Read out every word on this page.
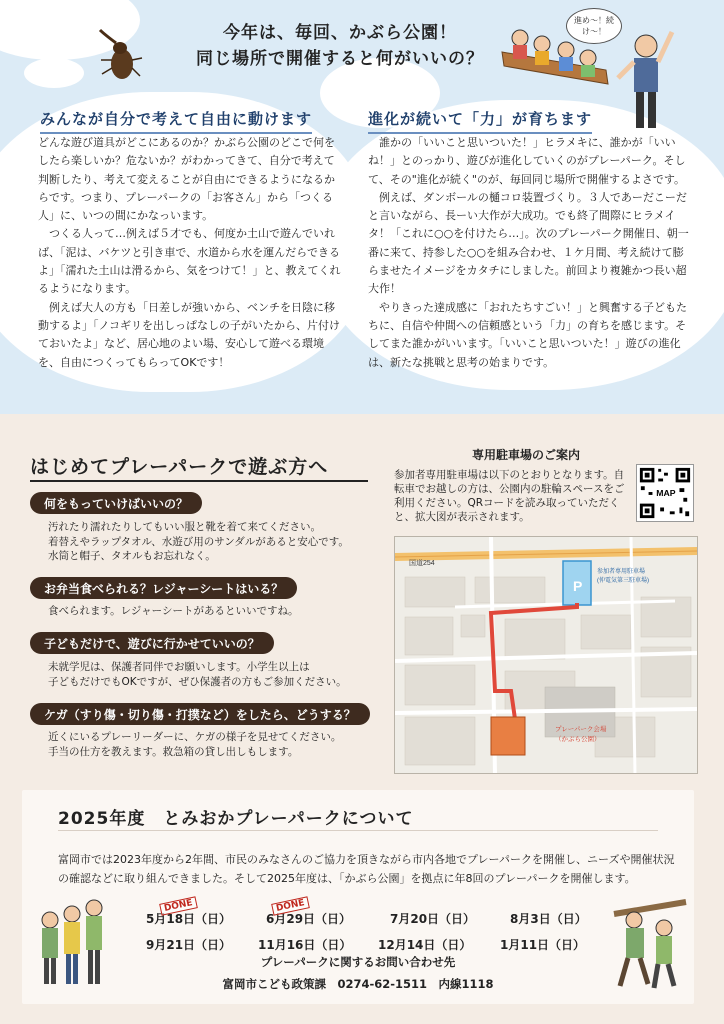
今年は、毎回、かぶら公園！
同じ場所で開催すると何がいいの？
進め〜！続け〜！
みんなが自分で考えて自由に動けます

どんな遊び道具がどこにあるのか？かぶら公園のどこで何をしたら楽しいか？危ないか？がわかってきて、自分で考えて判断したり、考えて変えることが自由にできるようになるからです。つまり、プレーパークの「お客さん」から「つくる人」に、いつの間にかなっいます。

つくる人って…例えば５才でも、何度か土山で遊んでいれば、「泥は、バケツと引き車で、水道から水を運んだらできるよ」「濡れた土山は滑るから、気をつけて！」と、教えてくれるようになります。

例えば大人の方も「日差しが強いから、ベンチを日陰に移動するよ」「ノコギリを出しっぱなしの子がいたから、片付けておいたよ」など、居心地のよい場、安心して遊べる環境を、自由につくってもらってOKです！

進化が続いて「力」が育ちます

誰かの「いいこと思いついた！」ヒラメキに、誰かが「いいね！」とのっかり、遊びが進化していくのがプレーパーク。そして、その"進化が続く"のが、毎回同じ場所で開催するよさです。

例えば、ダンボールの樋コロ装置づくり。３人であーだこーだと言いながら、長ーい大作が大成功。でも終了間際にヒラメイタ！「これに○○を付けたら…」。次のプレーパーク開催日、朝一番に来て、持参した○○を組み合わせ、１ケ月間、考え続けて膨らませたイメージをカタチにしました。前回より複雑かつ長い超大作！

やりきった達成感に「おれたちすごい！」と興奮する子どもたちに、自信や仲間への信頼感という「力」の育ちを感じます。そしてまた誰かがいいます。「いいこと思いついた！」遊びの進化は、新たな挑戦と思考の始まりです。

はじめてプレーパークで遊ぶ方へ
何をもっていけばいいの？
汚れたり濡れたりしてもいい服と靴を着て来てください。
着替えやラップタオル、水遊び用のサンダルがあると安心です。
水筒と帽子、タオルもお忘れなく。
お弁当食べられる？レジャーシートはいる？
食べられます。レジャーシートがあるといいですね。
子どもだけで、遊びに行かせていいの？
未就学児は、保護者同伴でお願いします。小学生以上は
子どもだけでもOKですが、ぜひ保護者の方もご参加ください。
ケガ（すり傷・切り傷・打撲など）をしたら、どうする？
近くにいるプレーリーダーに、ケガの様子を見せてください。
手当の仕方を教えます。救急箱の貸し出しもします。
専用駐車場のご案内
参加者専用駐車場は以下のとおりとなります。自転車でお越しの方は、公園内の駐輪スペースをご利用ください。QRコードを読み取っていただくと、拡大図が表示されます。
MAP
国道254
P
参加者専用駐車場
(仲電気第三駐車場)
プレーパーク会場
（かぶら公園）
2025年度　とみおかプレーパークについて
富岡市では2023年度から2年間、市民のみなさんのご協力を頂きながら市内各地でプレーパークを開催し、ニーズや開催状況の確認などに取り組んできました。そして2025年度は、「かぶら公園」を拠点に年8回のプレーパークを開催します。
5月18日（日）
DONE
6月29日（日）
DONE
7月20日（日）	8月3日（日）
9月21日（日） 11月16日（日） 12月14日（日） 1月11日（日）
プレーパークに関するお問い合わせ先
富岡市こども政策課　0274-62-1511　内線1118
